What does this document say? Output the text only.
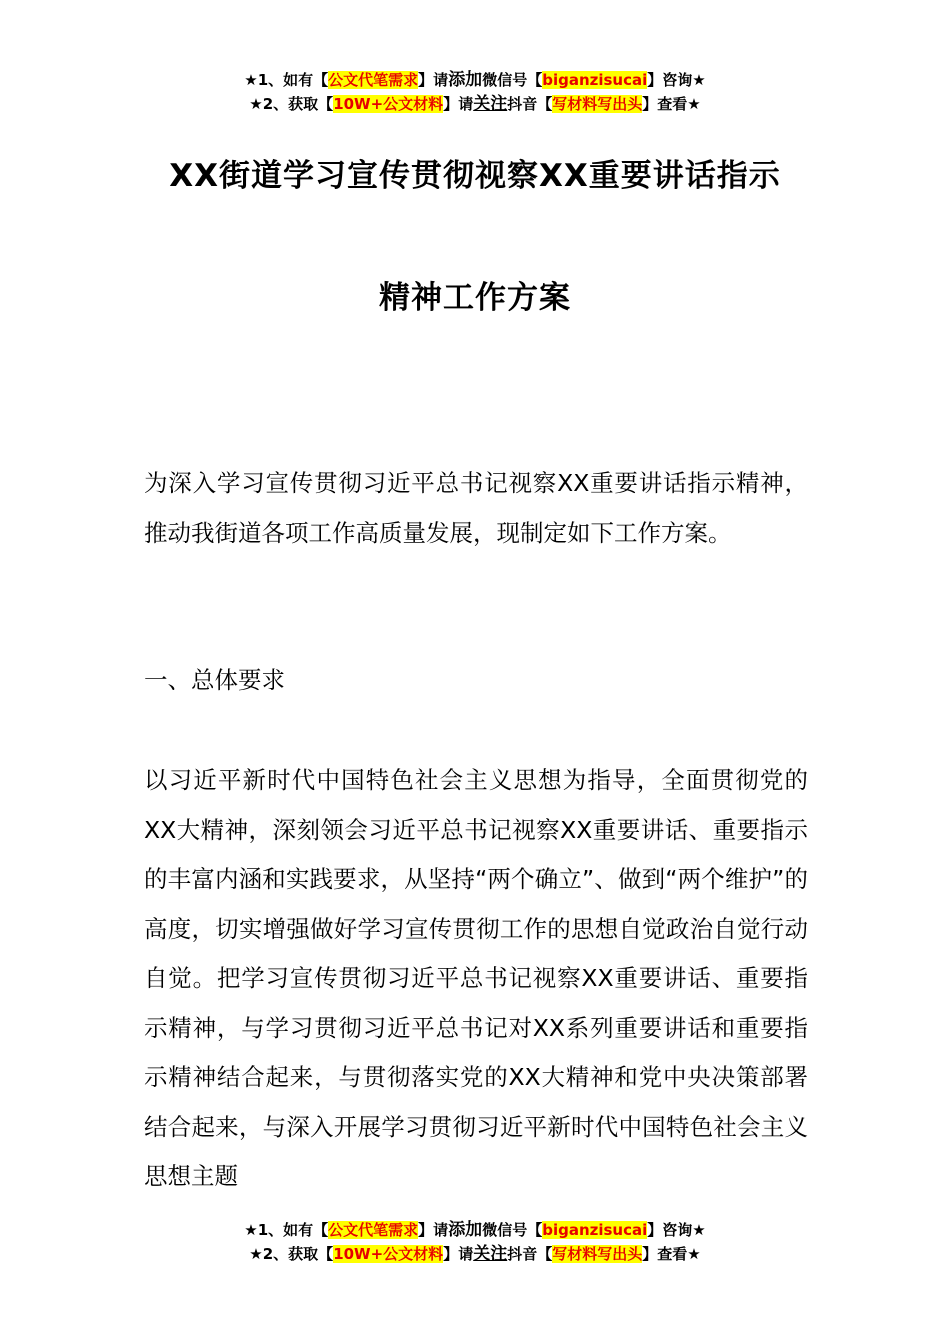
★1、如有【公文代笔需求】请添加微信号【biganzisucai】咨询★
★2、获取【10W+公文材料】请关注抖音【写材料写出头】查看★
XX街道学习宣传贯彻视察XX重要讲话指示
精神工作方案
为深入学习宣传贯彻习近平总书记视察XX重要讲话指示精神，推动我街道各项工作高质量发展，现制定如下工作方案。
一、总体要求
以习近平新时代中国特色社会主义思想为指导，全面贯彻党的XX大精神，深刻领会习近平总书记视察XX重要讲话、重要指示的丰富内涵和实践要求，从坚持“两个确立”、做到“两个维护”的高度，切实增强做好学习宣传贯彻工作的思想自觉政治自觉行动自觉。把学习宣传贯彻习近平总书记视察XX重要讲话、重要指示精神，与学习贯彻习近平总书记对XX系列重要讲话和重要指示精神结合起来，与贯彻落实党的XX大精神和党中央决策部署结合起来，与深入开展学习贯彻习近平新时代中国特色社会主义思想主题
★1、如有【公文代笔需求】请添加微信号【biganzisucai】咨询★
★2、获取【10W+公文材料】请关注抖音【写材料写出头】查看★
